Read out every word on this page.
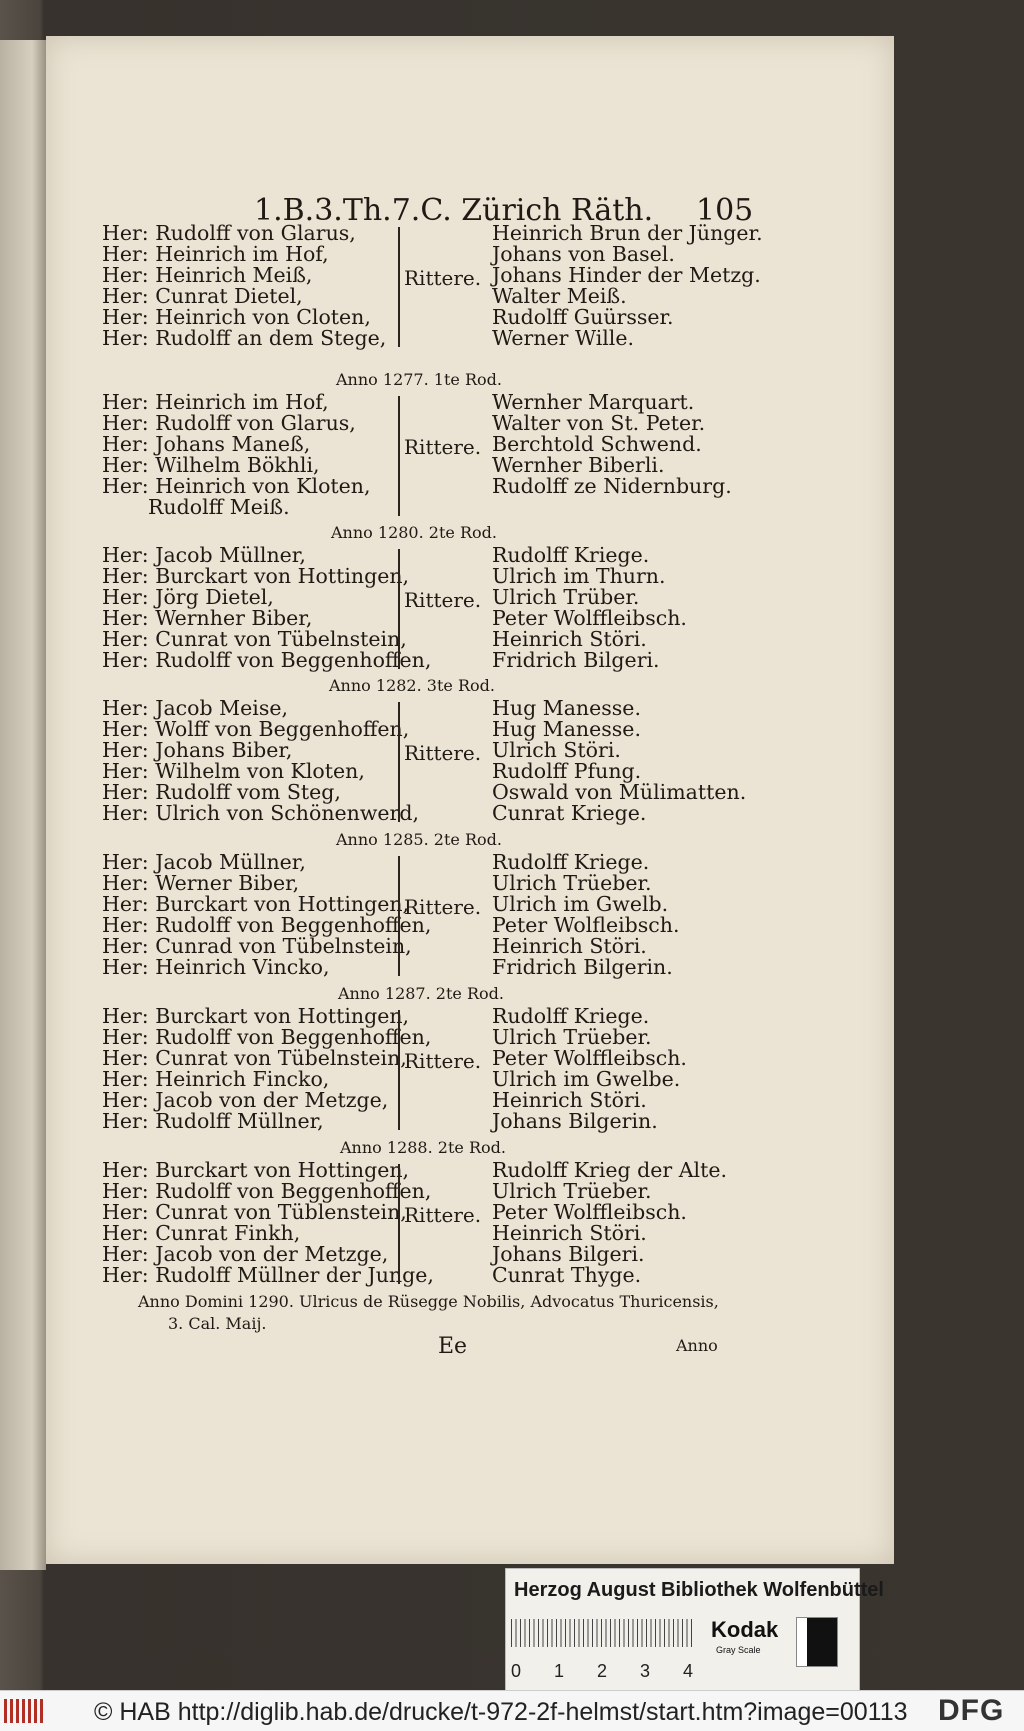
1.B.3.Th.7.C. Zürich Räth. 105
Anno Domini 1290. Ulricus de Rüsegge Nobilis, Advocatus Thuricensis,
3. Cal. Maij.
Ee	Anno
Her: Rudolff von Glarus,
Her: Heinrich im Hof,
Her: Heinrich Meiß,
Her: Cunrat Dietel,
Her: Heinrich von Cloten,
Her: Rudolff an dem Stege,
Heinrich Brun der Jünger.
Johans von Basel.
Johans Hinder der Metzg.
Walter Meiß.
Rudolff Guürsser.
Werner Wille.
Rittere.
Anno 1277. 1te Rod.
Her: Heinrich im Hof,
Her: Rudolff von Glarus,
Her: Johans Maneß,
Her: Wilhelm Bökhli,
Her: Heinrich von Kloten,
Rudolff Meiß.
Wernher Marquart.
Walter von St. Peter.
Berchtold Schwend.
Wernher Biberli.
Rudolff ze Nidernburg.
Rittere.
Anno 1280. 2te Rod.
Her: Jacob Müllner,
Her: Burckart von Hottingen,
Her: Jörg Dietel,
Her: Wernher Biber,
Her: Cunrat von Tübelnstein,
Her: Rudolff von Beggenhoffen,
Rudolff Kriege.
Ulrich im Thurn.
Ulrich Trüber.
Peter Wolffleibsch.
Heinrich Störi.
Fridrich Bilgeri.
Rittere.
Anno 1282. 3te Rod.
Her: Jacob Meise,
Her: Wolff von Beggenhoffen,
Her: Johans Biber,
Her: Wilhelm von Kloten,
Her: Rudolff vom Steg,
Her: Ulrich von Schönenwerd,
Hug Manesse.
Hug Manesse.
Ulrich Störi.
Rudolff Pfung.
Oswald von Mülimatten.
Cunrat Kriege.
Rittere.
Anno 1285. 2te Rod.
Her: Jacob Müllner,
Her: Werner Biber,
Her: Burckart von Hottingen,
Her: Rudolff von Beggenhoffen,
Her: Cunrad von Tübelnstein,
Her: Heinrich Vincko,
Rudolff Kriege.
Ulrich Trüeber.
Ulrich im Gwelb.
Peter Wolfleibsch.
Heinrich Störi.
Fridrich Bilgerin.
Rittere.
Anno 1287. 2te Rod.
Her: Burckart von Hottingen,
Her: Rudolff von Beggenhoffen,
Her: Cunrat von Tübelnstein,
Her: Heinrich Fincko,
Her: Jacob von der Metzge,
Her: Rudolff Müllner,
Rudolff Kriege.
Ulrich Trüeber.
Peter Wolffleibsch.
Ulrich im Gwelbe.
Heinrich Störi.
Johans Bilgerin.
Rittere.
Anno 1288. 2te Rod.
Her: Burckart von Hottingen,
Her: Rudolff von Beggenhoffen,
Her: Cunrat von Tüblenstein,
Her: Cunrat Finkh,
Her: Jacob von der Metzge,
Her: Rudolff Müllner der Junge,
Rudolff Krieg der Alte.
Ulrich Trüeber.
Peter Wolffleibsch.
Heinrich Störi.
Johans Bilgeri.
Cunrat Thyge.
Rittere.
Herzog August Bibliothek Wolfenbüttel
0 1 2 3 4
Kodak
Gray Scale
© HAB http://diglib.hab.de/drucke/t-972-2f-helmst/start.htm?image=00113 DFG
